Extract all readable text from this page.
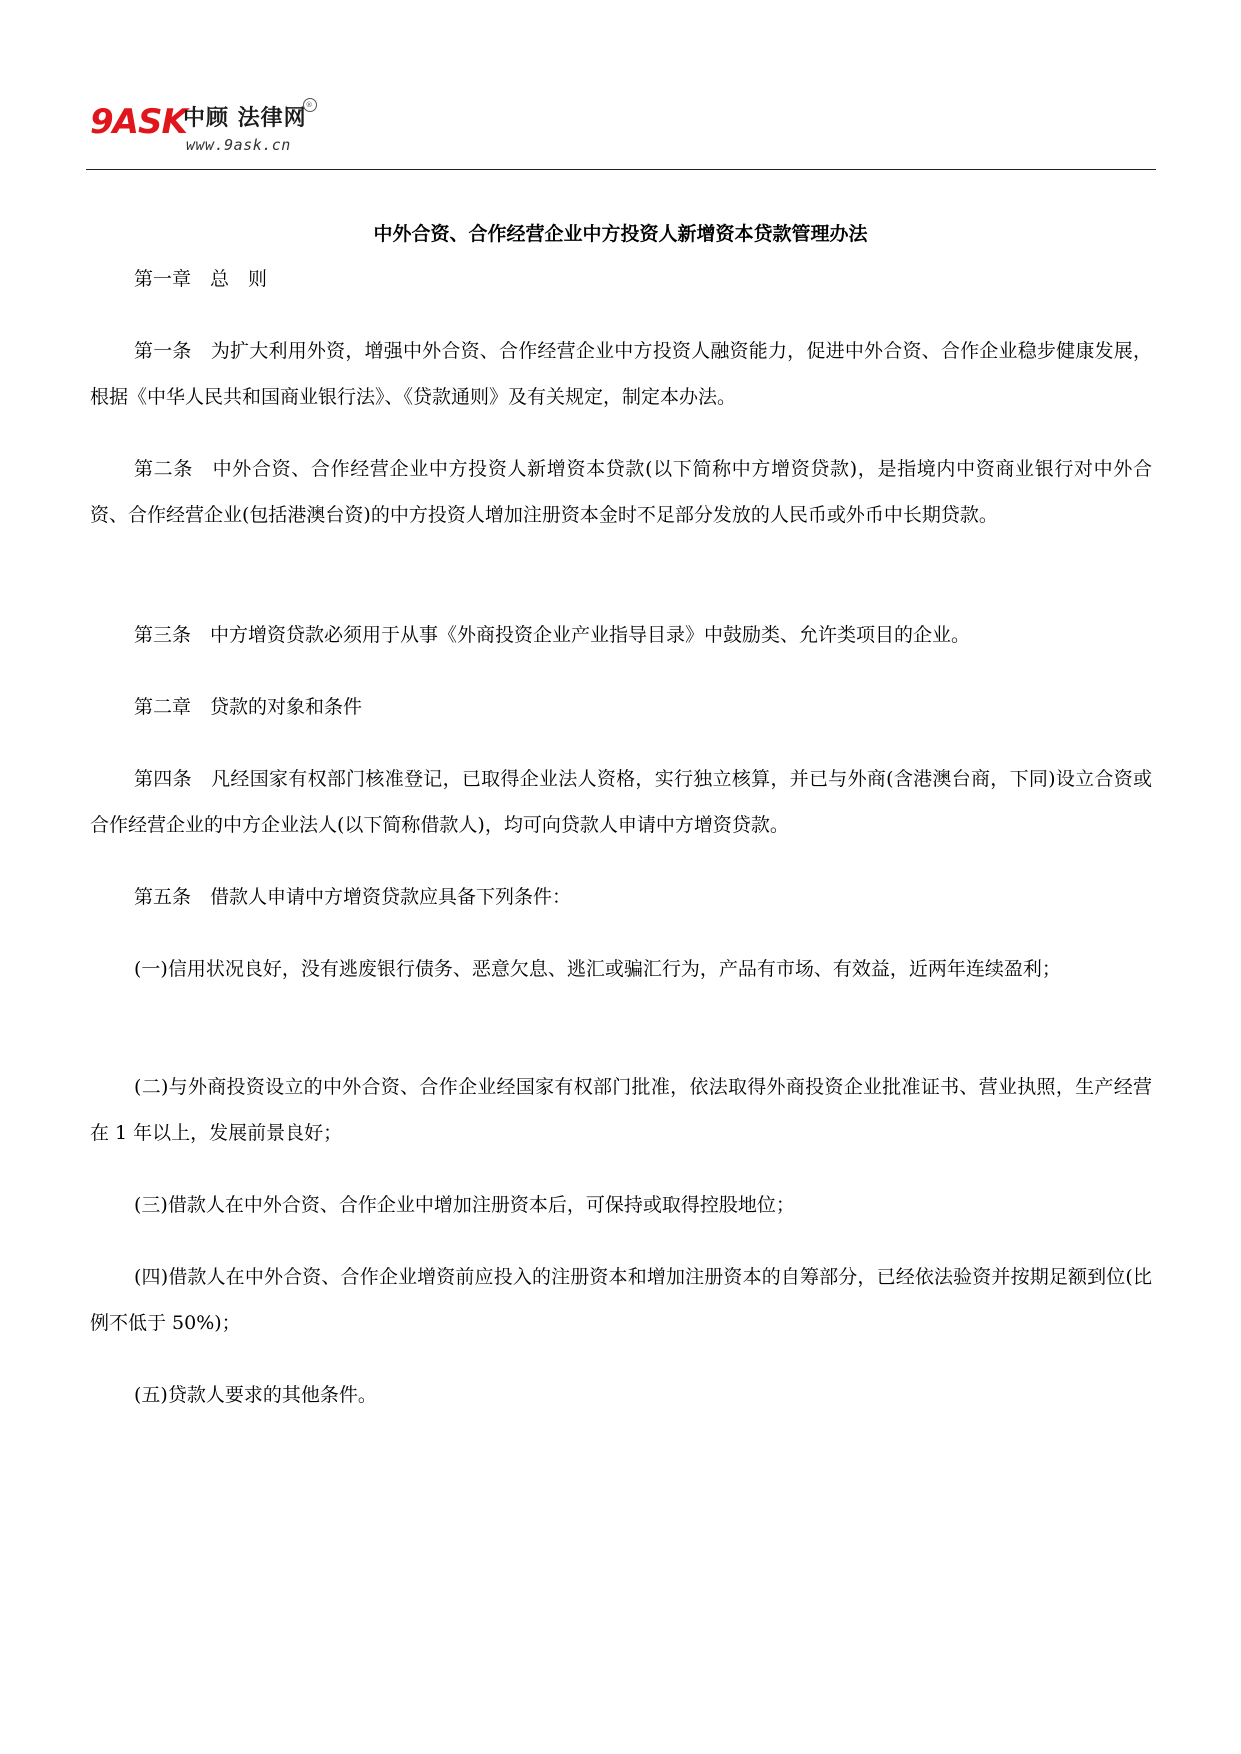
9ASK
中顾 法律网®
www.9ask.cn
中外合资、合作经营企业中方投资人新增资本贷款管理办法

第一章　总　则

第一条　为扩大利用外资，增强中外合资、合作经营企业中方投资人融资能力，促进中外合资、合作企业稳步健康发展，根据《中华人民共和国商业银行法》、《贷款通则》及有关规定，制定本办法。

第二条　中外合资、合作经营企业中方投资人新增资本贷款(以下简称中方增资贷款)，是指境内中资商业银行对中外合资、合作经营企业(包括港澳台资)的中方投资人增加注册资本金时不足部分发放的人民币或外币中长期贷款。

第三条　中方增资贷款必须用于从事《外商投资企业产业指导目录》中鼓励类、允许类项目的企业。

第二章　贷款的对象和条件

第四条　凡经国家有权部门核准登记，已取得企业法人资格，实行独立核算，并已与外商(含港澳台商，下同)设立合资或合作经营企业的中方企业法人(以下简称借款人)，均可向贷款人申请中方增资贷款。

第五条　借款人申请中方增资贷款应具备下列条件：

(一)信用状况良好，没有逃废银行债务、恶意欠息、逃汇或骗汇行为，产品有市场、有效益，近两年连续盈利；

(二)与外商投资设立的中外合资、合作企业经国家有权部门批准，依法取得外商投资企业批准证书、营业执照，生产经营在 1 年以上，发展前景良好；

(三)借款人在中外合资、合作企业中增加注册资本后，可保持或取得控股地位；

(四)借款人在中外合资、合作企业增资前应投入的注册资本和增加注册资本的自筹部分，已经依法验资并按期足额到位(比例不低于 50%)；

(五)贷款人要求的其他条件。
